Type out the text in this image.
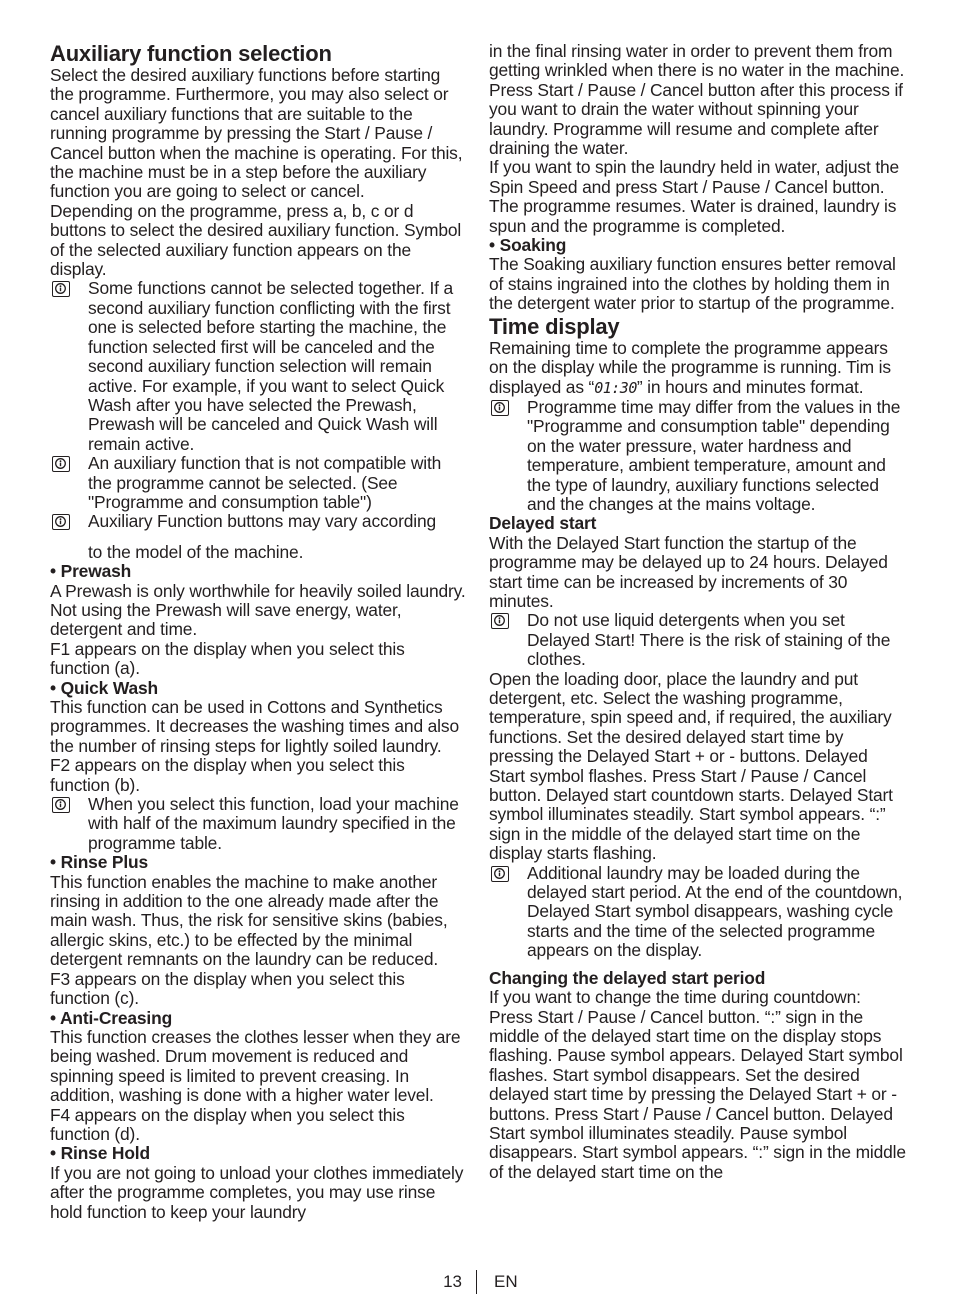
Auxiliary function selection

Select the desired auxiliary functions before starting the programme. Furthermore, you may also select or cancel auxiliary functions that are suitable to the running programme by pressing the Start / Pause / Cancel button when the machine is operating. For this, the machine must be in a step before the auxiliary function you are going to select or cancel.

Depending on the programme, press a, b, c or d buttons to select the desired auxiliary function. Symbol of the selected auxiliary function appears on the display.

Some functions cannot be selected together. If a second auxiliary function conflicting with the first one is selected before starting the machine, the function selected first will be canceled and the second auxiliary function selection will remain active. For example, if you want to select Quick Wash after you have selected the Prewash, Prewash will be canceled and Quick Wash will remain active.
An auxiliary function that is not compatible with the programme cannot be selected. (See "Programme and consumption table")
Auxiliary Function buttons may vary according

to the model of the machine.

• Prewash

A Prewash is only worthwhile for heavily soiled laundry. Not using the Prewash will save energy, water, detergent and time.

F1 appears on the display when you select this function (a).

• Quick Wash

This function can be used in Cottons and Synthetics programmes. It decreases the washing times and also the number of rinsing steps for lightly soiled laundry.

F2 appears on the display when you select this function (b).

When you select this function, load your machine with half of the maximum laundry specified in the programme table.

• Rinse Plus

This function enables the machine to make another rinsing in addition to the one already made after the main wash. Thus, the risk for sensitive skins (babies, allergic skins, etc.) to be effected by the minimal detergent remnants on the laundry can be reduced.

F3 appears on the display when you select this function (c).

• Anti-Creasing

This function creases the clothes lesser when they are being washed. Drum movement is reduced and spinning speed is limited to prevent creasing. In addition, washing is done with a higher water level.

F4 appears on the display when you select this function (d).

• Rinse Hold

If you are not going to unload your clothes immediately after the programme completes, you may use rinse hold function to keep your laundry

in the final rinsing water in order to prevent them from getting wrinkled when there is no water in the machine. Press Start / Pause / Cancel button after this process if you want to drain the water without spinning your laundry. Programme will resume and complete after draining the water.

If you want to spin the laundry held in water, adjust the Spin Speed and press Start / Pause / Cancel button.

The programme resumes. Water is drained, laundry is spun and the programme is completed.

• Soaking

The Soaking auxiliary function ensures better removal of stains ingrained into the clothes by holding them in the detergent water prior to startup of the programme.

Time display

Remaining time to complete the programme appears on the display while the programme is running. Tim is displayed as “01:30” in hours and minutes format.

Programme time may differ from the values in the "Programme and consumption table" depending on the water pressure, water hardness and temperature, ambient temperature, amount and the type of laundry, auxiliary functions selected and the changes at the mains voltage.

Delayed start

With the Delayed Start function the startup of the programme may be delayed up to 24 hours. Delayed start time can be increased by increments of 30 minutes.

Do not use liquid detergents when you set Delayed Start! There is the risk of staining of the clothes.

Open the loading door, place the laundry and put detergent, etc. Select the washing programme, temperature, spin speed and, if required, the auxiliary functions. Set the desired delayed start time by pressing the Delayed Start + or - buttons. Delayed Start symbol flashes. Press Start / Pause / Cancel button. Delayed start countdown starts. Delayed Start symbol illuminates steadily. Start symbol appears. “:” sign in the middle of the delayed start time on the display starts flashing.

Additional laundry may be loaded during the delayed start period. At the end of the countdown, Delayed Start symbol disappears, washing cycle starts and the time of the selected programme appears on the display.

Changing the delayed start period

If you want to change the time during countdown: Press Start / Pause / Cancel button. “:” sign in the middle of the delayed start time on the display stops flashing. Pause symbol appears. Delayed Start symbol flashes. Start symbol disappears. Set the desired delayed start time by pressing the Delayed Start + or - buttons. Press Start / Pause / Cancel button. Delayed Start symbol illuminates steadily. Pause symbol disappears. Start symbol appears. “:” sign in the middle of the delayed start time on the

13 EN
